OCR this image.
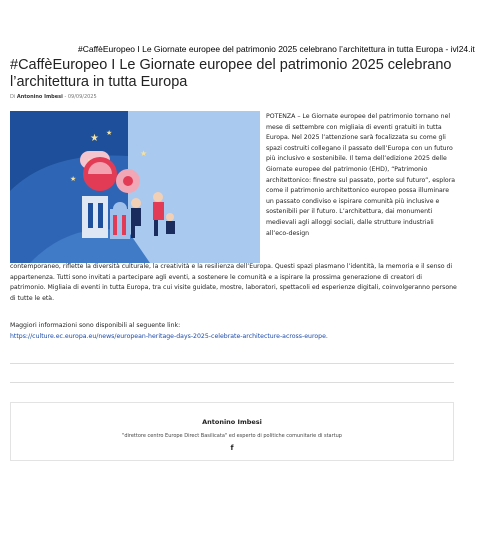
#CaffèEuropeo I Le Giornate europee del patrimonio 2025 celebrano l’architettura in tutta Europa - ivl24.it
#CaffèEuropeo I Le Giornate europee del patrimonio 2025 celebrano l’architettura in tutta Europa
Di Antonino Imbesi - 09/09/2025
★ ★
★
★

POTENZA – Le Giornate europee del patrimonio tornano nel mese di settembre con migliaia di eventi gratuiti in tutta Europa. Nel 2025 l’attenzione sarà focalizzata su come gli spazi costruiti collegano il passato dell’Europa con un futuro più inclusivo e sostenibile. Il tema dell’edizione 2025 delle Giornate europee del patrimonio (EHD), “Patrimonio architettonico: finestre sul passato, porte sul futuro”, esplora come il patrimonio architettonico europeo possa illuminare un passato condiviso e ispirare comunità più inclusive e sostenibili per il futuro. L’architettura, dai monumenti medievali agli alloggi sociali, dalle strutture industriali all’eco-design

contemporaneo, riflette la diversità culturale, la creatività e la resilienza dell’Europa. Questi spazi plasmano l’identità, la memoria e il senso di appartenenza. Tutti sono invitati a partecipare agli eventi, a sostenere le comunità e a ispirare la prossima generazione di creatori di patrimonio. Migliaia di eventi in tutta Europa, tra cui visite guidate, mostre, laboratori, spettacoli ed esperienze digitali, coinvolgeranno persone di tutte le età.

Maggiori informazioni sono disponibili al seguente link:

https://culture.ec.europa.eu/news/european-heritage-days-2025-celebrate-architecture-across-europe.
Antonino Imbesi
"direttore centro Europe Direct Basilicata" ed esperto di politiche comunitarie di startup
f
